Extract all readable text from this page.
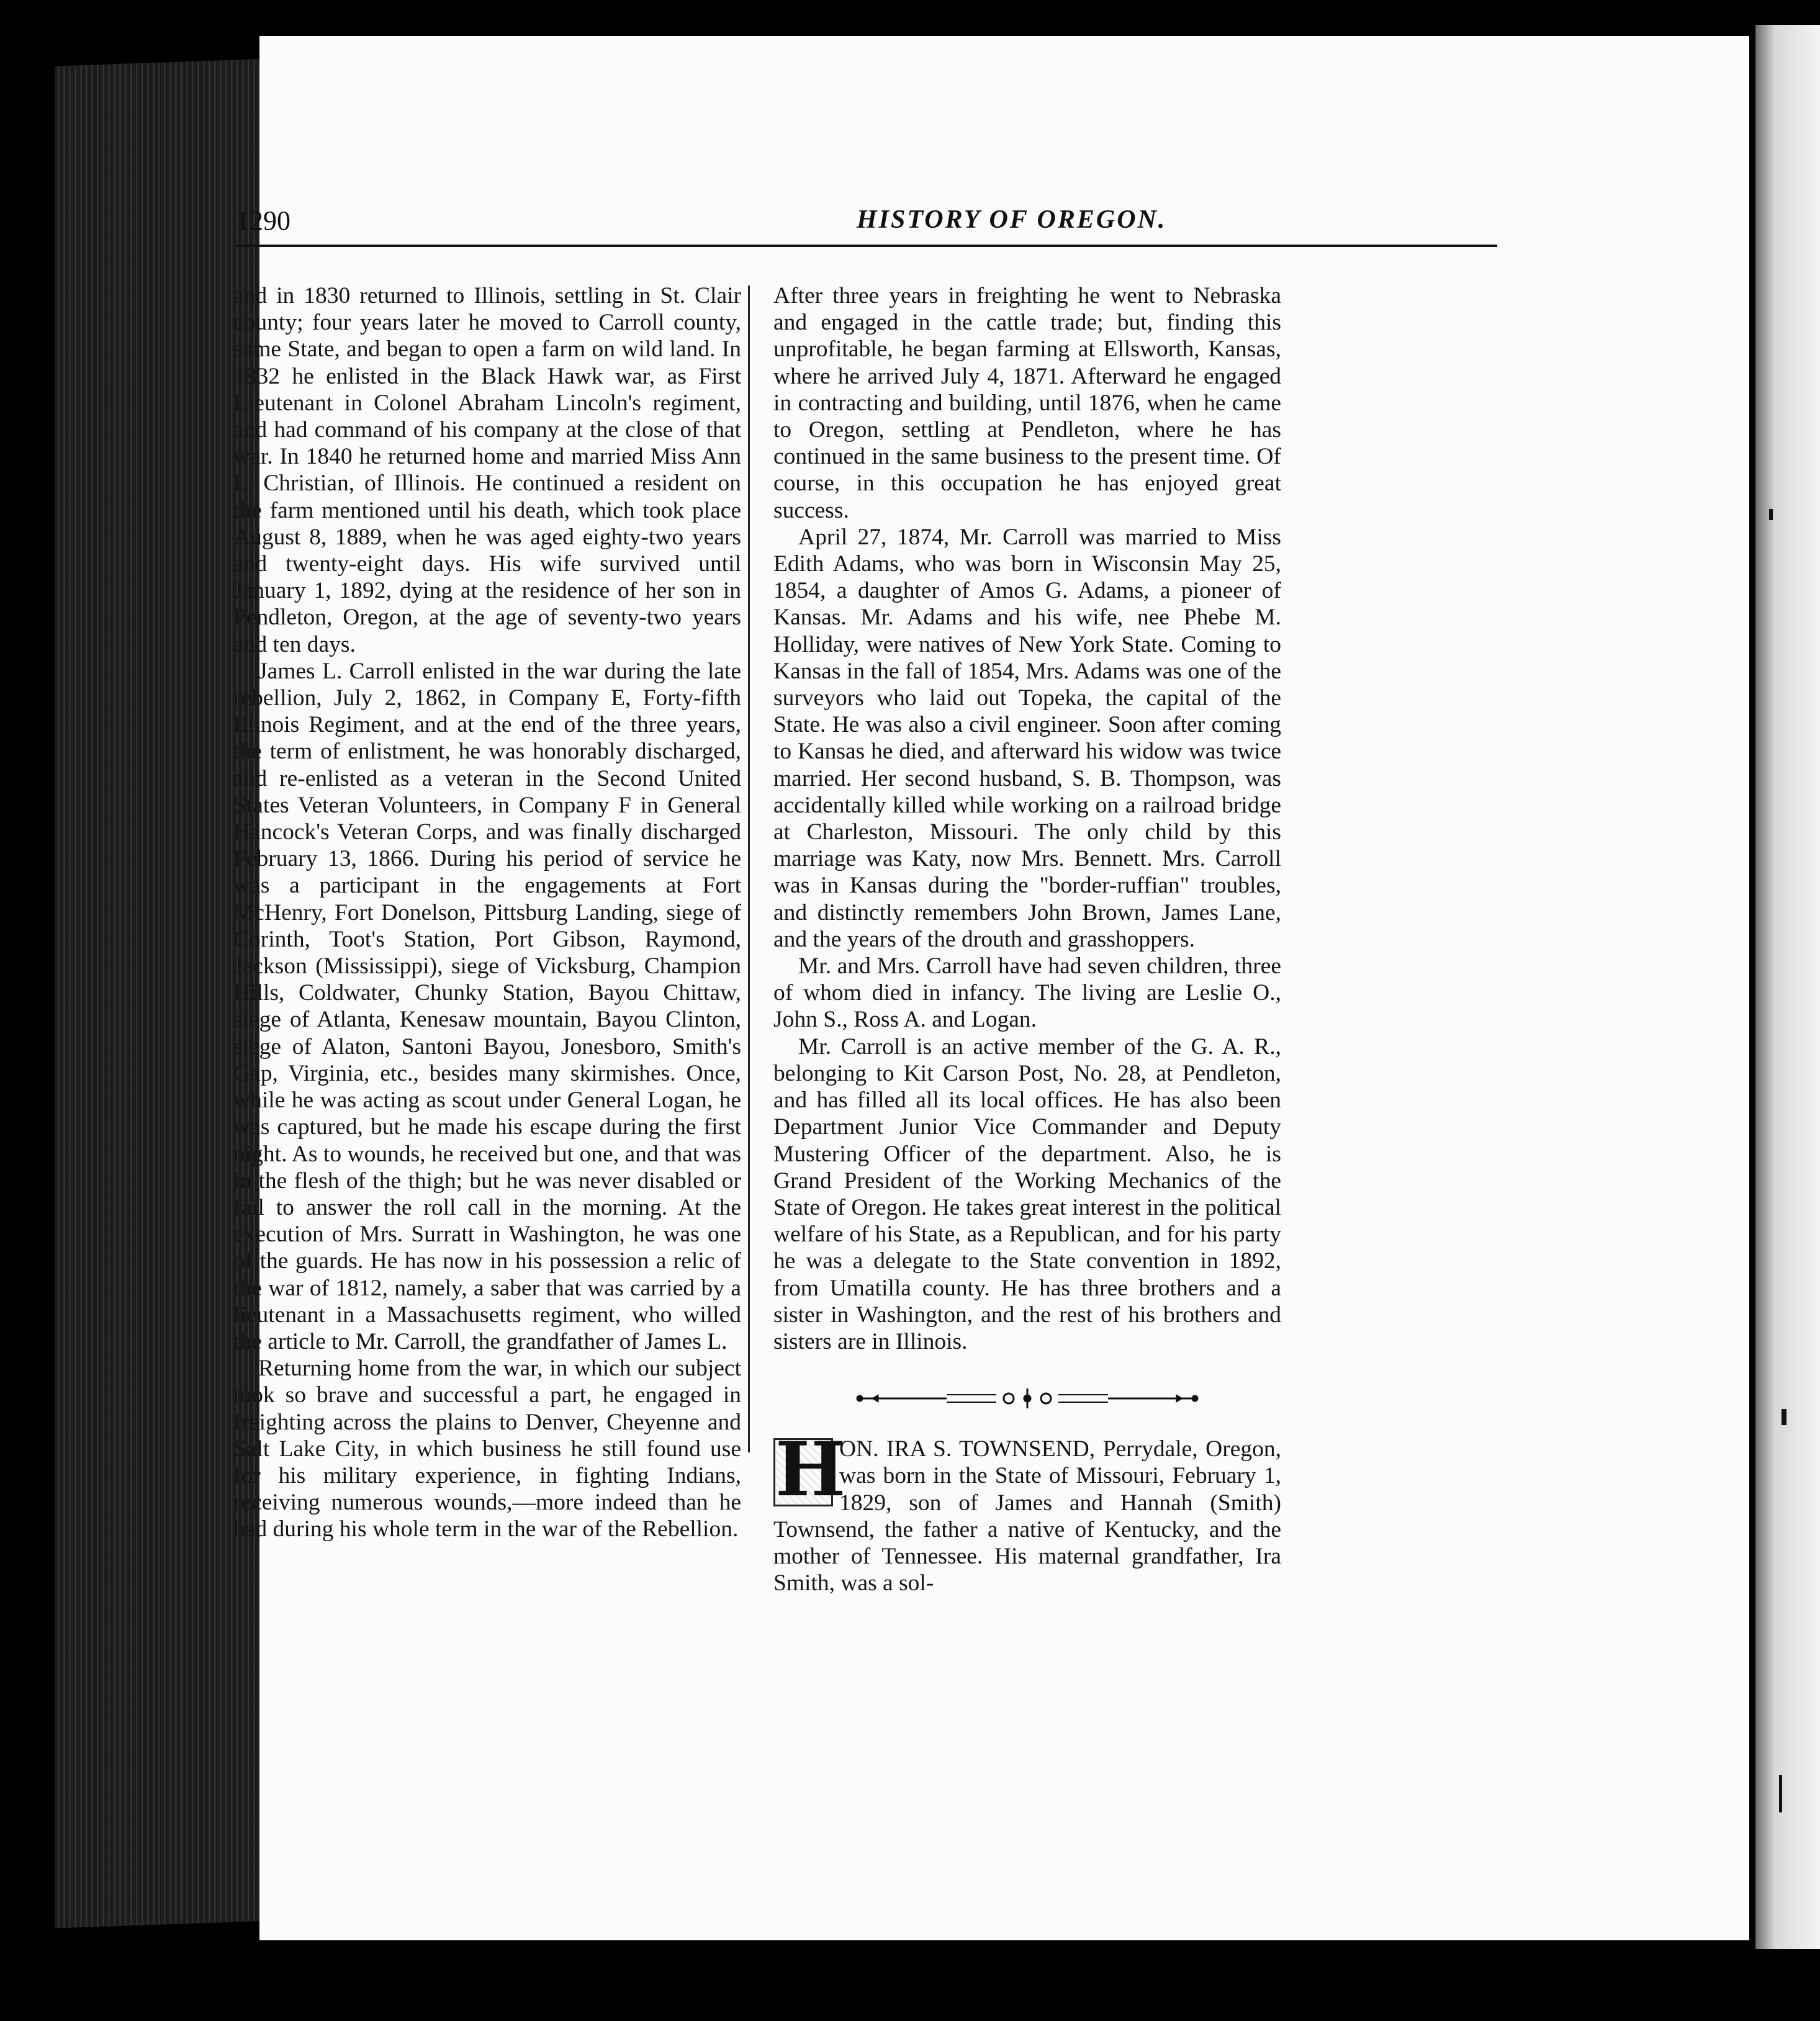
1290	HISTORY OF OREGON.

and in 1830 returned to Illinois, settling in St. Clair county; four years later he moved to Carroll county, same State, and began to open a farm on wild land. In 1832 he enlisted in the Black Hawk war, as First Lieutenant in Colonel Abraham Lincoln's regiment, and had command of his company at the close of that war. In 1840 he returned home and married Miss Ann L. Christian, of Illinois. He continued a resident on the farm mentioned until his death, which took place August 8, 1889, when he was aged eighty-two years and twenty-eight days. His wife survived until January 1, 1892, dying at the residence of her son in Pendleton, Oregon, at the age of seventy-two years and ten days.

James L. Carroll enlisted in the war during the late rebellion, July 2, 1862, in Company E, Forty-fifth Illinois Regiment, and at the end of the three years, the term of enlistment, he was honorably discharged, and re-enlisted as a veteran in the Second United States Veteran Volunteers, in Company F in General Hancock's Veteran Corps, and was finally discharged February 13, 1866. During his period of service he was a participant in the engagements at Fort McHenry, Fort Donelson, Pittsburg Landing, siege of Corinth, Toot's Station, Port Gibson, Raymond, Jackson (Mississippi), siege of Vicksburg, Champion Hills, Coldwater, Chunky Station, Bayou Chittaw, siege of Atlanta, Kenesaw mountain, Bayou Clinton, siege of Alaton, Santoni Bayou, Jonesboro, Smith's Gap, Virginia, etc., besides many skirmishes. Once, while he was acting as scout under General Logan, he was captured, but he made his escape during the first night. As to wounds, he received but one, and that was in the flesh of the thigh; but he was never disabled or fail to answer the roll call in the morning. At the execution of Mrs. Surratt in Washington, he was one of the guards. He has now in his possession a relic of the war of 1812, namely, a saber that was carried by a lieutenant in a Massachusetts regiment, who willed the article to Mr. Carroll, the grandfather of James L.

Returning home from the war, in which our subject took so brave and successful a part, he engaged in freighting across the plains to Denver, Cheyenne and Salt Lake City, in which business he still found use for his military experience, in fighting Indians, receiving numerous wounds,—more indeed than he had during his whole term in the war of the Rebellion.

After three years in freighting he went to Nebraska and engaged in the cattle trade; but, finding this unprofitable, he began farming at Ellsworth, Kansas, where he arrived July 4, 1871. Afterward he engaged in contracting and building, until 1876, when he came to Oregon, settling at Pendleton, where he has continued in the same business to the present time. Of course, in this occupation he has enjoyed great success.

April 27, 1874, Mr. Carroll was married to Miss Edith Adams, who was born in Wisconsin May 25, 1854, a daughter of Amos G. Adams, a pioneer of Kansas. Mr. Adams and his wife, nee Phebe M. Holliday, were natives of New York State. Coming to Kansas in the fall of 1854, Mrs. Adams was one of the surveyors who laid out Topeka, the capital of the State. He was also a civil engineer. Soon after coming to Kansas he died, and afterward his widow was twice married. Her second husband, S. B. Thompson, was accidentally killed while working on a railroad bridge at Charleston, Missouri. The only child by this marriage was Katy, now Mrs. Bennett. Mrs. Carroll was in Kansas during the "border-ruffian" troubles, and distinctly remembers John Brown, James Lane, and the years of the drouth and grasshoppers.

Mr. and Mrs. Carroll have had seven children, three of whom died in infancy. The living are Leslie O., John S., Ross A. and Logan.

Mr. Carroll is an active member of the G. A. R., belonging to Kit Carson Post, No. 28, at Pendleton, and has filled all its local offices. He has also been Department Junior Vice Commander and Deputy Mustering Officer of the department. Also, he is Grand President of the Working Mechanics of the State of Oregon. He takes great interest in the political welfare of his State, as a Republican, and for his party he was a delegate to the State convention in 1892, from Umatilla county. He has three brothers and a sister in Washington, and the rest of his brothers and sisters are in Illinois.

H

ON. IRA S. TOWNSEND, Perrydale, Oregon, was born in the State of Missouri, February 1, 1829, son of James and Hannah (Smith) Townsend, the father a native of Kentucky, and the mother of Tennessee. His maternal grandfather, Ira Smith, was a sol-
